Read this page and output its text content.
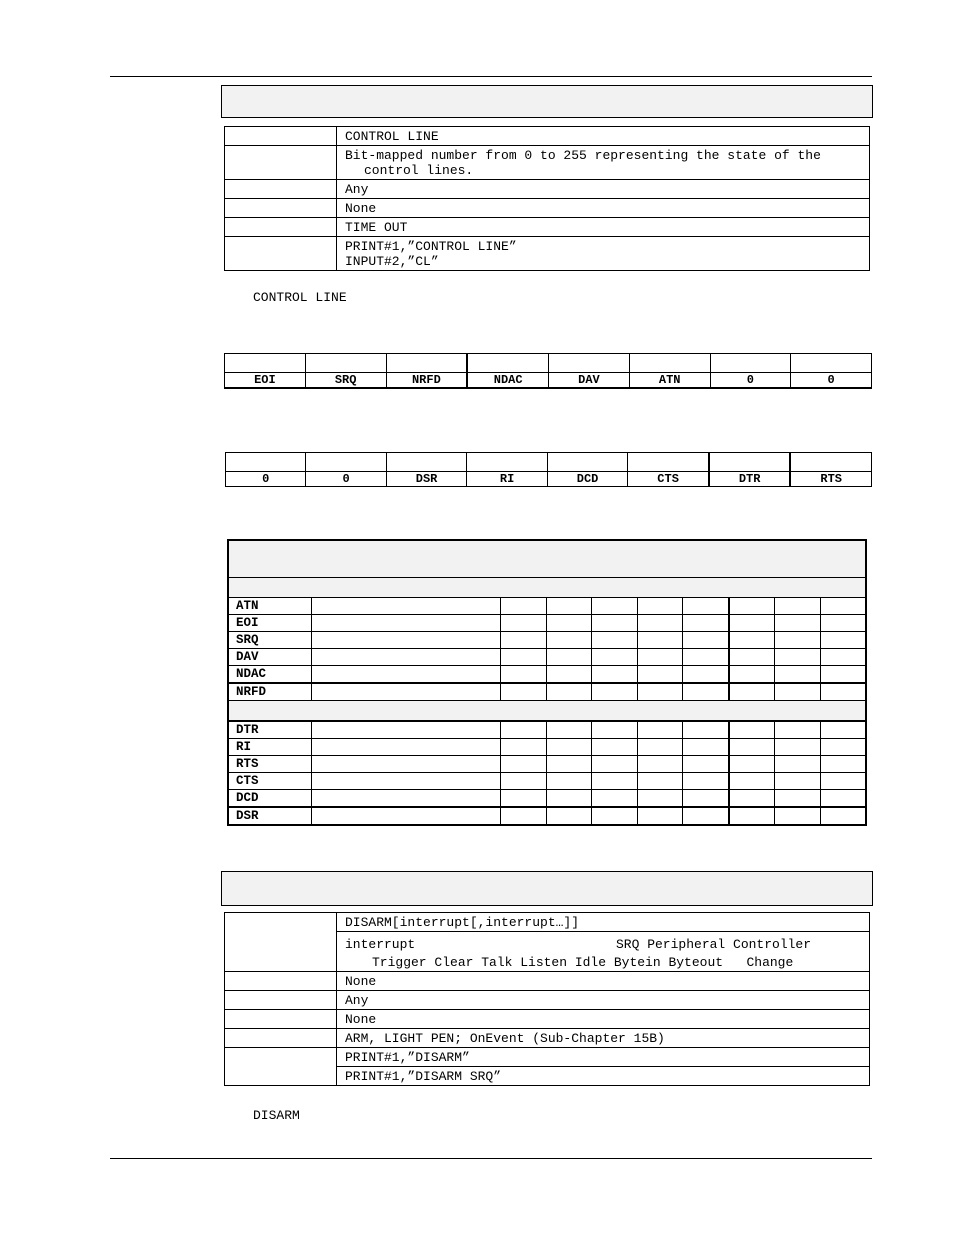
	CONTROL LINE

	Bit-mapped number from 0 to 255 representing the state of the
control lines.

	Any
	None
	TIME OUT

	PRINT#1,”CONTROL LINE”
INPUT#2,”CL”
CONTROL LINE

EOI	SRQ	NRFD	NDAC	DAV	ATN	0	0

0	0	DSR	RI	DCD	CTS	DTR	RTS

ATN									
EOI									
SRQ									
DAV									
NDAC									
NRFD									

DTR									
RI									
RTS									
CTS									
DCD									
DSR									
	DISARM[interrupt[,interrupt…]]

	interrupt SRQ Peripheral Controller
Trigger Clear Talk Listen Idle Bytein Byteout   Change

	None
	Any
	None
	ARM, LIGHT PEN; OnEvent (Sub-Chapter 15B)
	PRINT#1,”DISARM”
	PRINT#1,”DISARM SRQ”
DISARM
